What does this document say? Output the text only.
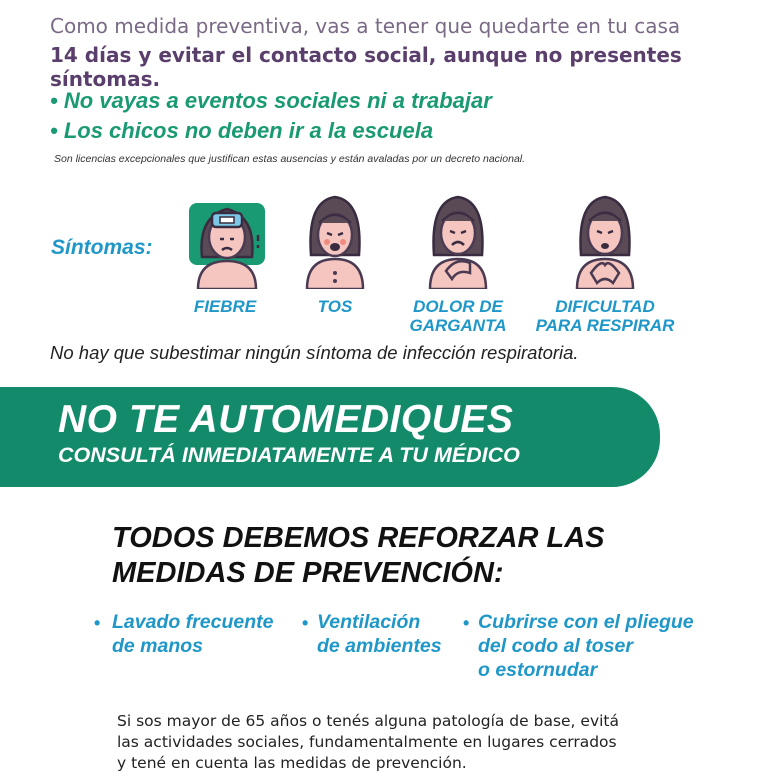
Como medida preventiva, vas a tener que quedarte en tu casa
14 días y evitar el contacto social, aunque no presentes síntomas.
• No vayas a eventos sociales ni a trabajar
• Los chicos no deben ir a la escuela
Son licencias excepcionales que justifican estas ausencias y están avaladas por un decreto nacional.
Síntomas:
FIEBRE	TOS	DOLOR DE
GARGANTA
DIFICULTAD
PARA RESPIRAR
No hay que subestimar ningún síntoma de infección respiratoria.
NO TE AUTOMEDIQUES
CONSULTÁ INMEDIATAMENTE A TU MÉDICO
TODOS DEBEMOS REFORZAR LAS
MEDIDAS DE PREVENCIÓN:
• Lavado frecuente
de manos
• Ventilación
de ambientes
• Cubrirse con el pliegue
del codo al toser
o estornudar
Si sos mayor de 65 años o tenés alguna patología de base, evitá
las actividades sociales, fundamentalmente en lugares cerrados
y tené en cuenta las medidas de prevención.
